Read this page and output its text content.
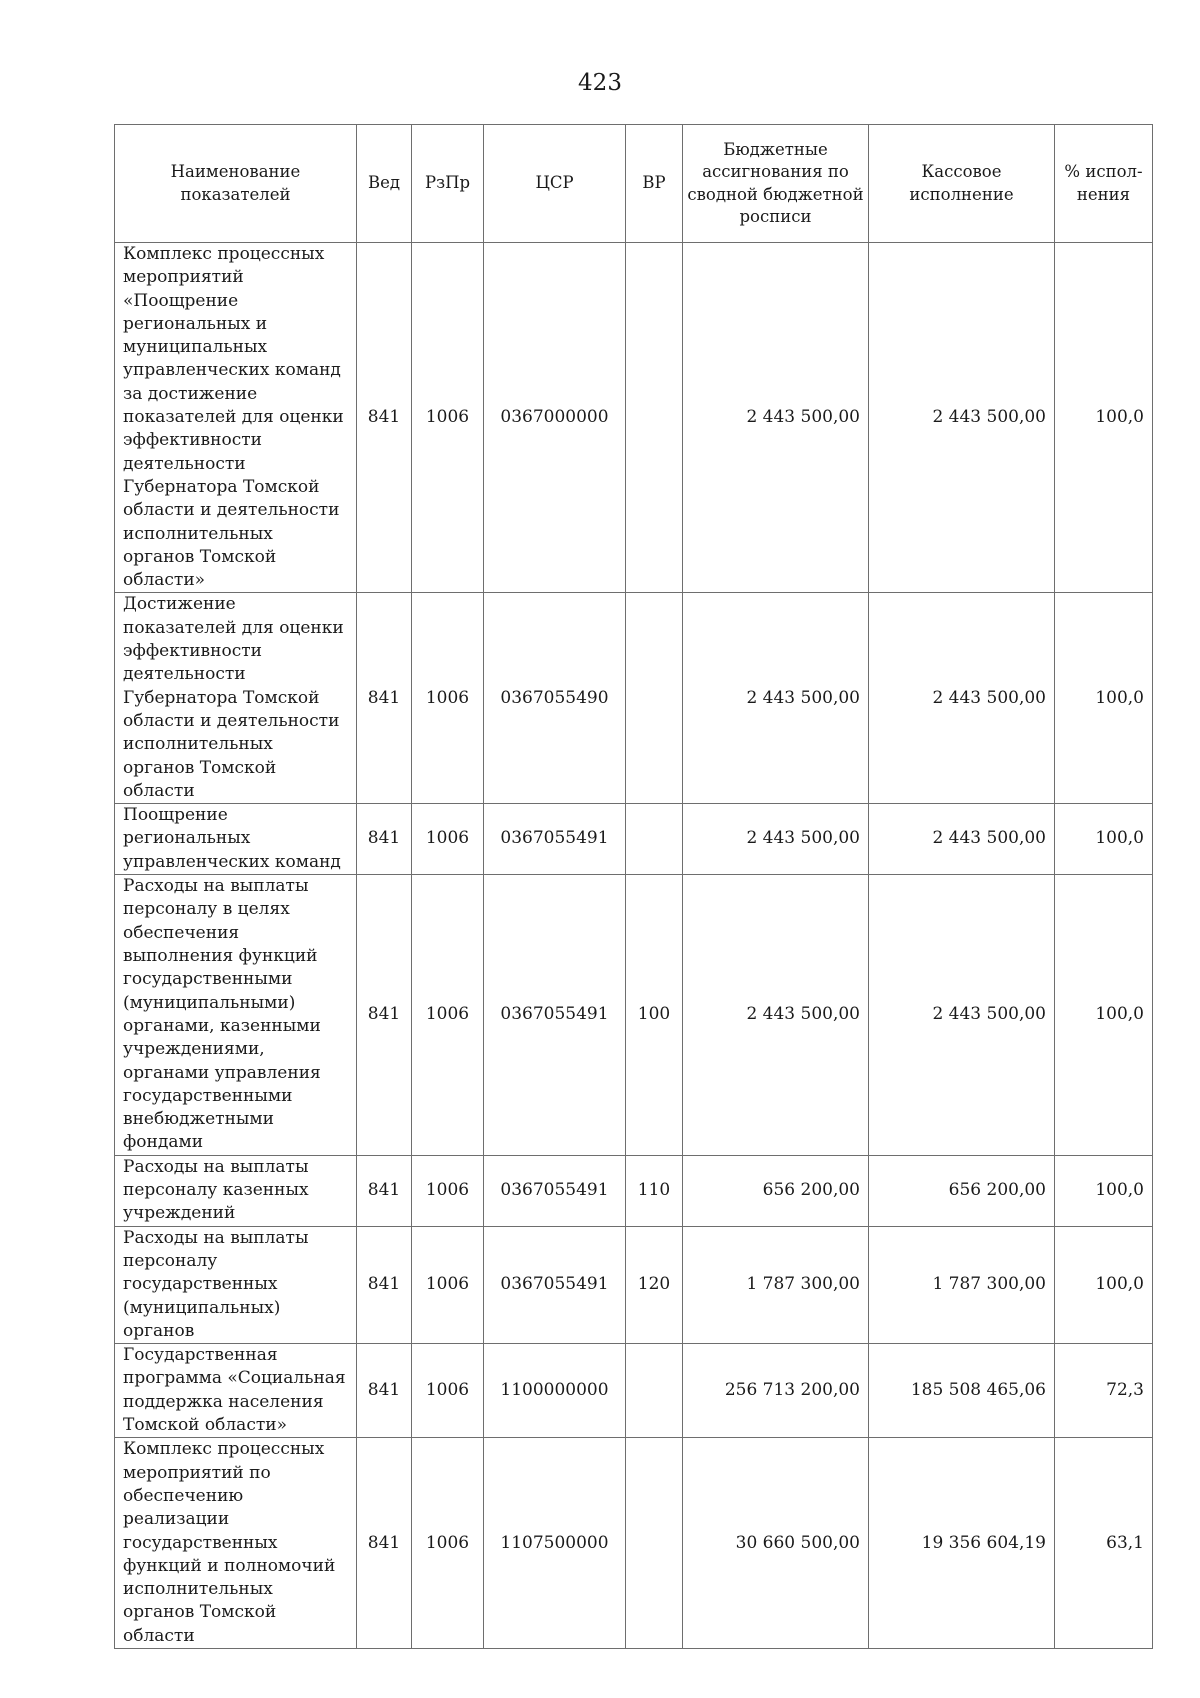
423
Наименование показателей	Вед	РзПр	ЦСР	ВР	Бюджетные ассигнования по сводной бюджетной росписи	Кассовое исполнение	% испол-нения
Комплекс процессных мероприятий «Поощрение региональных и муниципальных управленческих команд за достижение показателей для оценки эффективности деятельности Губернатора Томской области и деятельности исполнительных органов Томской области»	841	1006	0367000000		2 443 500,00	2 443 500,00	100,0
Достижение показателей для оценки эффективности деятельности Губернатора Томской области и деятельности исполнительных органов Томской области	841	1006	0367055490		2 443 500,00	2 443 500,00	100,0
Поощрение региональных управленческих команд	841	1006	0367055491		2 443 500,00	2 443 500,00	100,0
Расходы на выплаты персоналу в целях обеспечения выполнения функций государственными (муниципальными) органами, казенными учреждениями, органами управления государственными внебюджетными фондами	841	1006	0367055491	100	2 443 500,00	2 443 500,00	100,0
Расходы на выплаты персоналу казенных учреждений	841	1006	0367055491	110	656 200,00	656 200,00	100,0
Расходы на выплаты персоналу государственных (муниципальных) органов	841	1006	0367055491	120	1 787 300,00	1 787 300,00	100,0
Государственная программа «Социальная поддержка населения Томской области»	841	1006	1100000000		256 713 200,00	185 508 465,06	72,3
Комплекс процессных мероприятий по обеспечению реализации государственных функций и полномочий исполнительных органов Томской области	841	1006	1107500000		30 660 500,00	19 356 604,19	63,1
